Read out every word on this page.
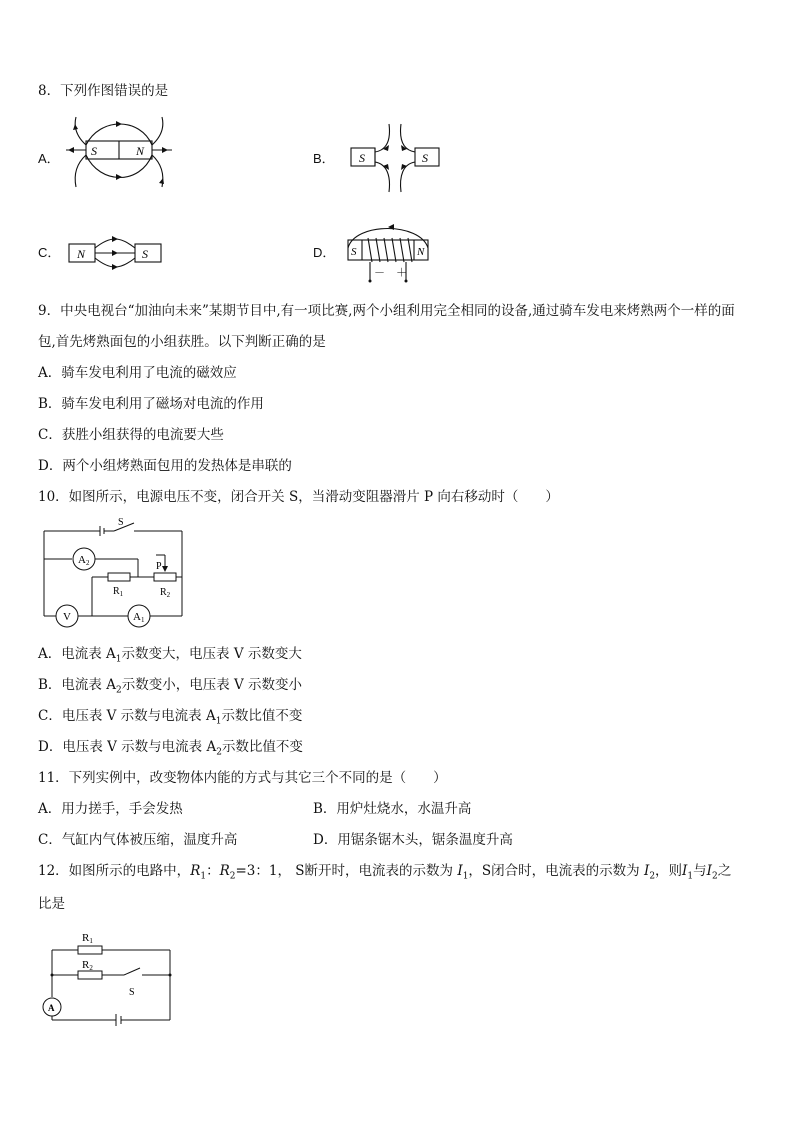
8．下列作图错误的是
A．	S	N	B． S	S
C． N	S	D． S	N
－ ＋
9．中央电视台“加油向未来”某期节目中,有一项比赛,两个小组利用完全相同的设备,通过骑车发电来烤熟两个一样的面
包,首先烤熟面包的小组获胜。以下判断正确的是
A．骑车发电利用了电流的磁效应
B．骑车发电利用了磁场对电流的作用
C．获胜小组获得的电流要大些
D．两个小组烤熟面包用的发热体是串联的
10．如图所示，电源电压不变，闭合开关 S，当滑动变阻器滑片 P 向右移动时（　　）
S
A2
$R_1$	$R_2$
P
V	A1
A．电流表 $A_1$示数变大，电压表 V 示数变大
B．电流表 $A_2$示数变小，电压表 V 示数变小
C．电压表 V 示数与电流表 $A_1$示数比值不变
D．电压表 V 示数与电流表 $A_2$示数比值不变
11．下列实例中，改变物体内能的方式与其它三个不同的是（　　）
A．用力搓手，手会发热	B．用炉灶烧水，水温升高
C．气缸内气体被压缩，温度升高	D．用锯条锯木头，锯条温度升高
12．如图所示的电路中，$R_1$：$R_2=3$：1， S断开时，电流表的示数为 $I_1$，S闭合时，电流表的示数为 $I_2$，则$I_1$与$I_2$之
比是
R1
R2
S
A
